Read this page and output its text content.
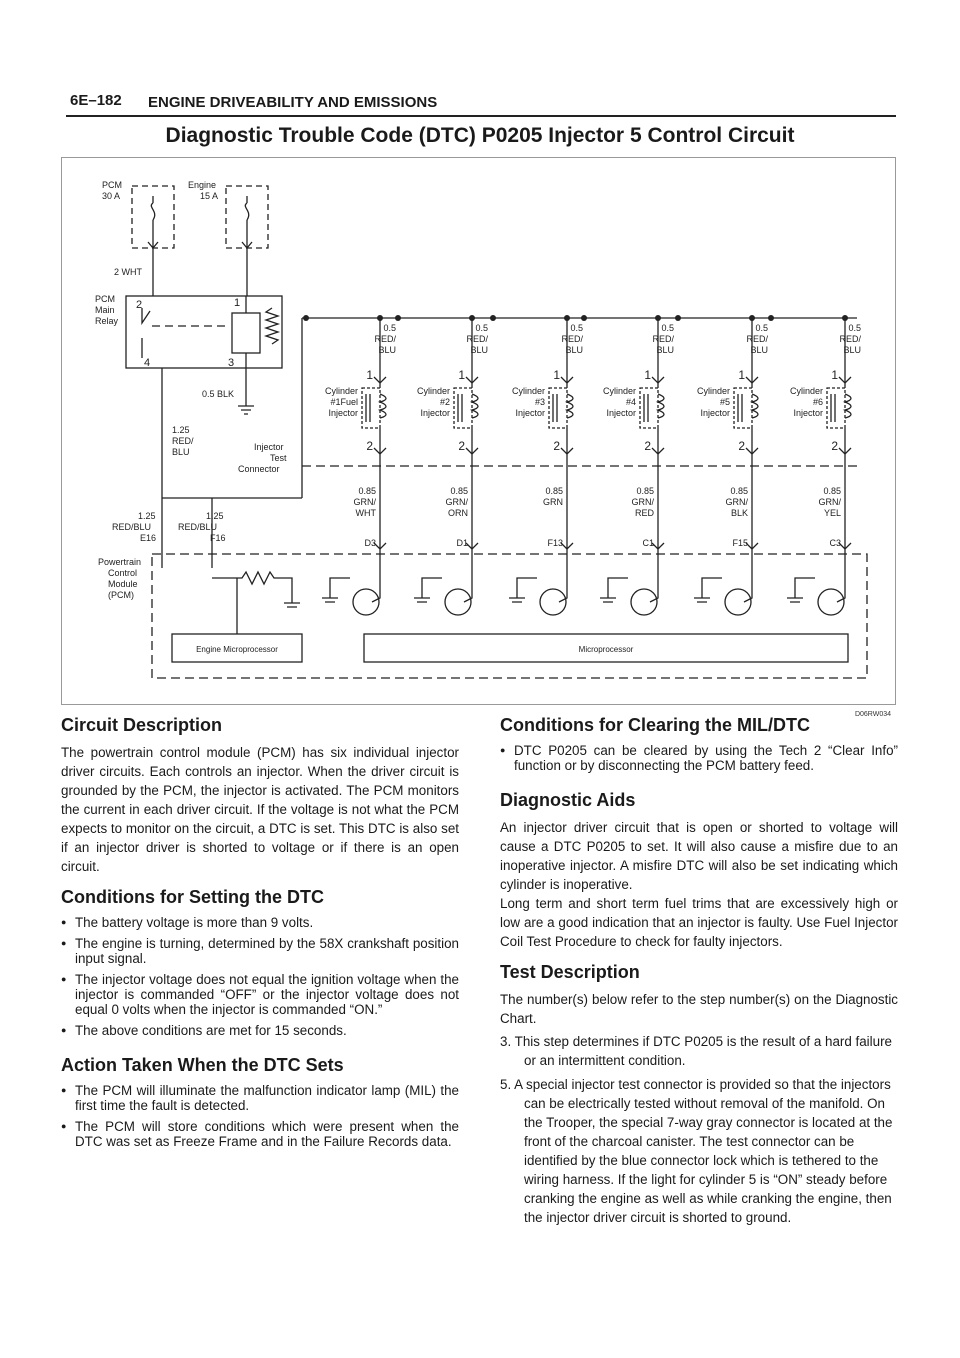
6E–182 ENGINE DRIVEABILITY AND EMISSIONS
Diagnostic Trouble Code (DTC) P0205 Injector 5 Control Circuit
PCM
30 A
Engine
15 A
2 WHT
PCM
Main
Relay
2	1
4	3
0.5 BLK
1.25
RED/
BLU	Injector
Test
Connector
Powertrain
Control
Module
(PCM)
1.25
RED/BLU
E16
1.25
RED/BLU
F16
Engine Microprocessor	Microprocessor
0.5
RED/
BLU
1
2
Cylinder
#1Fuel
Injector
0.85
GRN/
WHT
D3
0.5
RED/
BLU
1
2
Cylinder
#2
Injector
0.85
GRN/
ORN
D1
0.5
RED/
BLU
1
2
Cylinder
#3
Injector
0.85
GRN
F13
0.5
RED/
BLU
1
2
Cylinder
#4
Injector
0.85
GRN/
RED
C1
0.5
RED/
BLU
1
2
Cylinder
#5
Injector
0.85
GRN/
BLK
F15
0.5
RED/
BLU
1
2
Cylinder
#6
Injector
0.85
GRN/
YEL
C3
D06RW034
Circuit Description

The powertrain control module (PCM) has six individual injector driver circuits. Each controls an injector. When the driver circuit is grounded by the PCM, the injector is activated. The PCM monitors the current in each driver circuit. If the voltage is not what the PCM expects to monitor on the circuit, a DTC is set. This DTC is also set if an injector driver is shorted to voltage or if there is an open circuit.

Conditions for Setting the DTC
● The battery voltage is more than 9 volts.
● The engine is turning, determined by the 58X crankshaft position input signal.
● The injector voltage does not equal the ignition voltage when the injector is commanded “OFF” or the injector voltage does not equal 0 volts when the injector is commanded “ON.”
● The above conditions are met for 15 seconds.
Action Taken When the DTC Sets
● The PCM will illuminate the malfunction indicator lamp (MIL) the first time the fault is detected.
● The PCM will store conditions which were present when the DTC was set as Freeze Frame and in the Failure Records data.
Conditions for Clearing the MIL/DTC
● DTC P0205 can be cleared by using the Tech 2 “Clear Info” function or by disconnecting the PCM battery feed.
Diagnostic Aids

An injector driver circuit that is open or shorted to voltage will cause a DTC P0205 to set. It will also cause a misfire due to an inoperative injector. A misfire DTC will also be set indicating which cylinder is inoperative.

Long term and short term fuel trims that are excessively high or low are a good indication that an injector is faulty. Use Fuel Injector Coil Test Procedure to check for faulty injectors.

Test Description

The number(s) below refer to the step number(s) on the Diagnostic Chart.

3. This step determines if DTC P0205 is the result of a hard failure or an intermittent condition.
5. A special injector test connector is provided so that the injectors can be electrically tested without removal of the manifold. On the Trooper, the special 7-way gray connector is located at the front of the charcoal canister. The test connector can be identified by the blue connector lock which is tethered to the wiring harness. If the light for cylinder 5 is “ON” steady before cranking the engine as well as while cranking the engine, then the injector driver circuit is shorted to ground.
